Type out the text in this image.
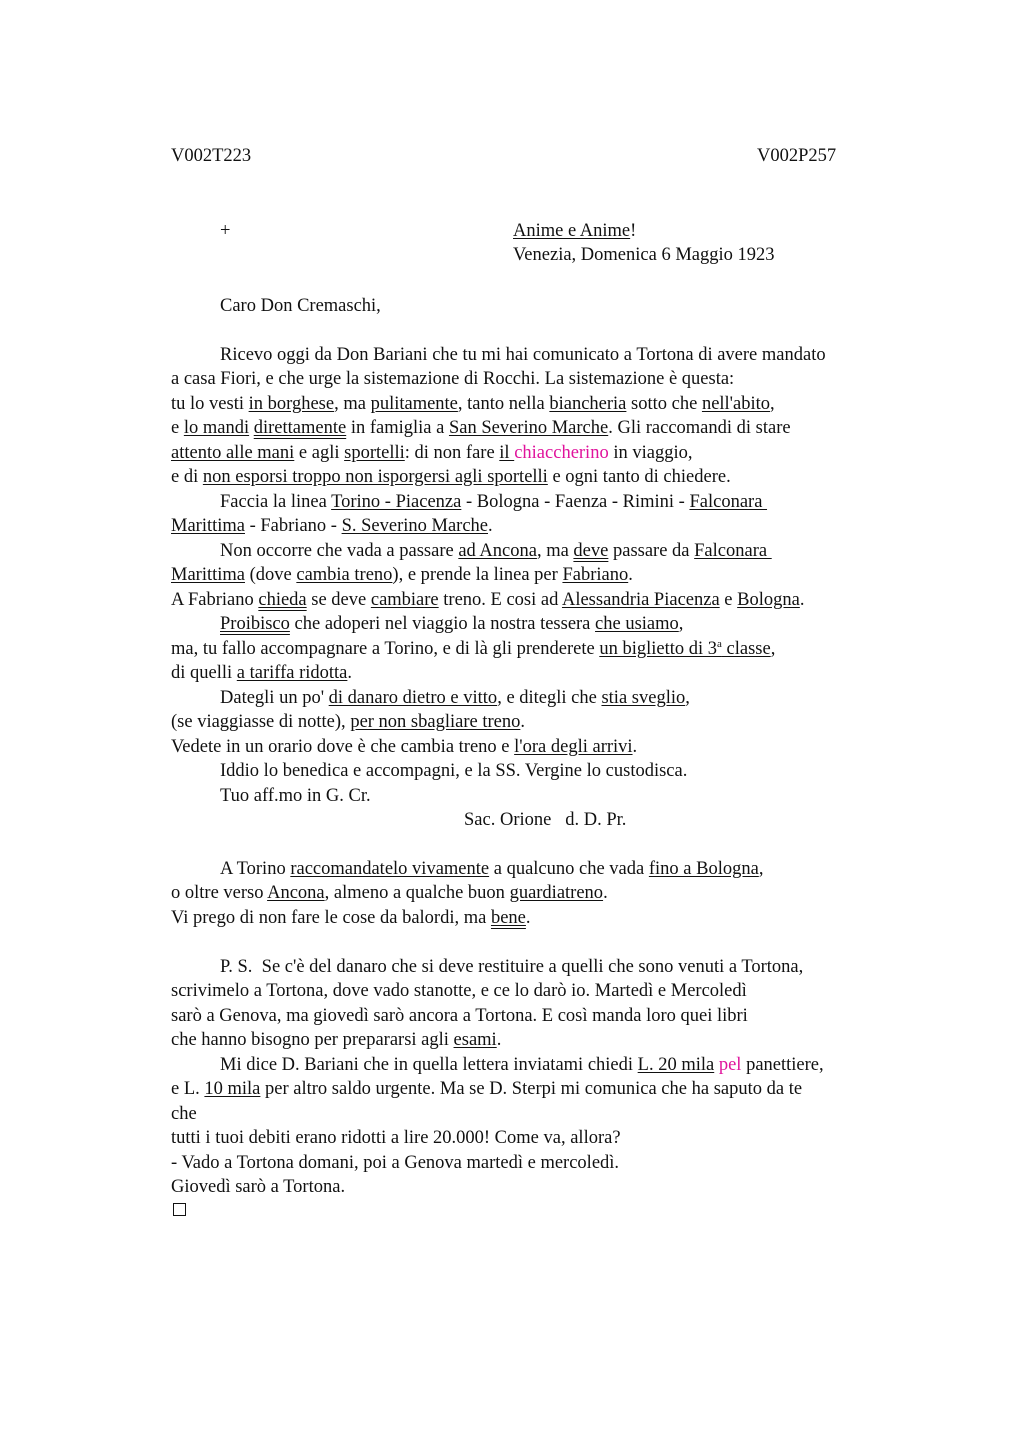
V002T223	V002P257
+	Anime e Anime!
Venezia, Domenica 6 Maggio 1923
Caro Don Cremaschi,
Ricevo oggi da Don Bariani che tu mi hai comunicato a Tortona di avere mandato
a casa Fiori, e che urge la sistemazione di Rocchi. La sistemazione è questa:
tu lo vesti in borghese, ma pulitamente, tanto nella biancheria sotto che nell'abito,
e lo mandi direttamente in famiglia a San Severino Marche. Gli raccomandi di stare
attento alle mani e agli sportelli: di non fare il chiaccherino in viaggio,
e di non esporsi troppo non isporgersi agli sportelli e ogni tanto di chiedere.
Faccia la linea Torino - Piacenza - Bologna - Faenza - Rimini - Falconara
Marittima - Fabriano - S. Severino Marche.
Non occorre che vada a passare ad Ancona, ma deve passare da Falconara
Marittima (dove cambia treno), e prende la linea per Fabriano.
A Fabriano chieda se deve cambiare treno. E cosi ad Alessandria Piacenza e Bologna.
Proibisco che adoperi nel viaggio la nostra tessera che usiamo,
ma, tu fallo accompagnare a Torino, e di là gli prenderete un biglietto di 3$^a$ classe,
di quelli a tariffa ridotta.
Dategli un po' di danaro dietro e vitto, e ditegli che stia sveglio,
(se viaggiasse di notte), per non sbagliare treno.
Vedete in un orario dove è che cambia treno e l'ora degli arrivi.
Iddio lo benedica e accompagni, e la SS. Vergine lo custodisca.
Tuo aff.mo in G. Cr.
Sac. Orione   d. D. Pr.
A Torino raccomandatelo vivamente a qualcuno che vada fino a Bologna,
o oltre verso Ancona, almeno a qualche buon guardiatreno.
Vi prego di non fare le cose da balordi, ma bene.
P. S.  Se c'è del danaro che si deve restituire a quelli che sono venuti a Tortona,
scrivimelo a Tortona, dove vado stanotte, e ce lo darò io. Martedì e Mercoledì
sarò a Genova, ma giovedì sarò ancora a Tortona. E così manda loro quei libri
che hanno bisogno per prepararsi agli esami.
Mi dice D. Bariani che in quella lettera inviatami chiedi L. 20 mila pel panettiere,
e L. 10 mila per altro saldo urgente. Ma se D. Sterpi mi comunica che ha saputo da te
che
tutti i tuoi debiti erano ridotti a lire 20.000! Come va, allora?
- Vado a Tortona domani, poi a Genova martedì e mercoledì.
Giovedì sarò a Tortona.
